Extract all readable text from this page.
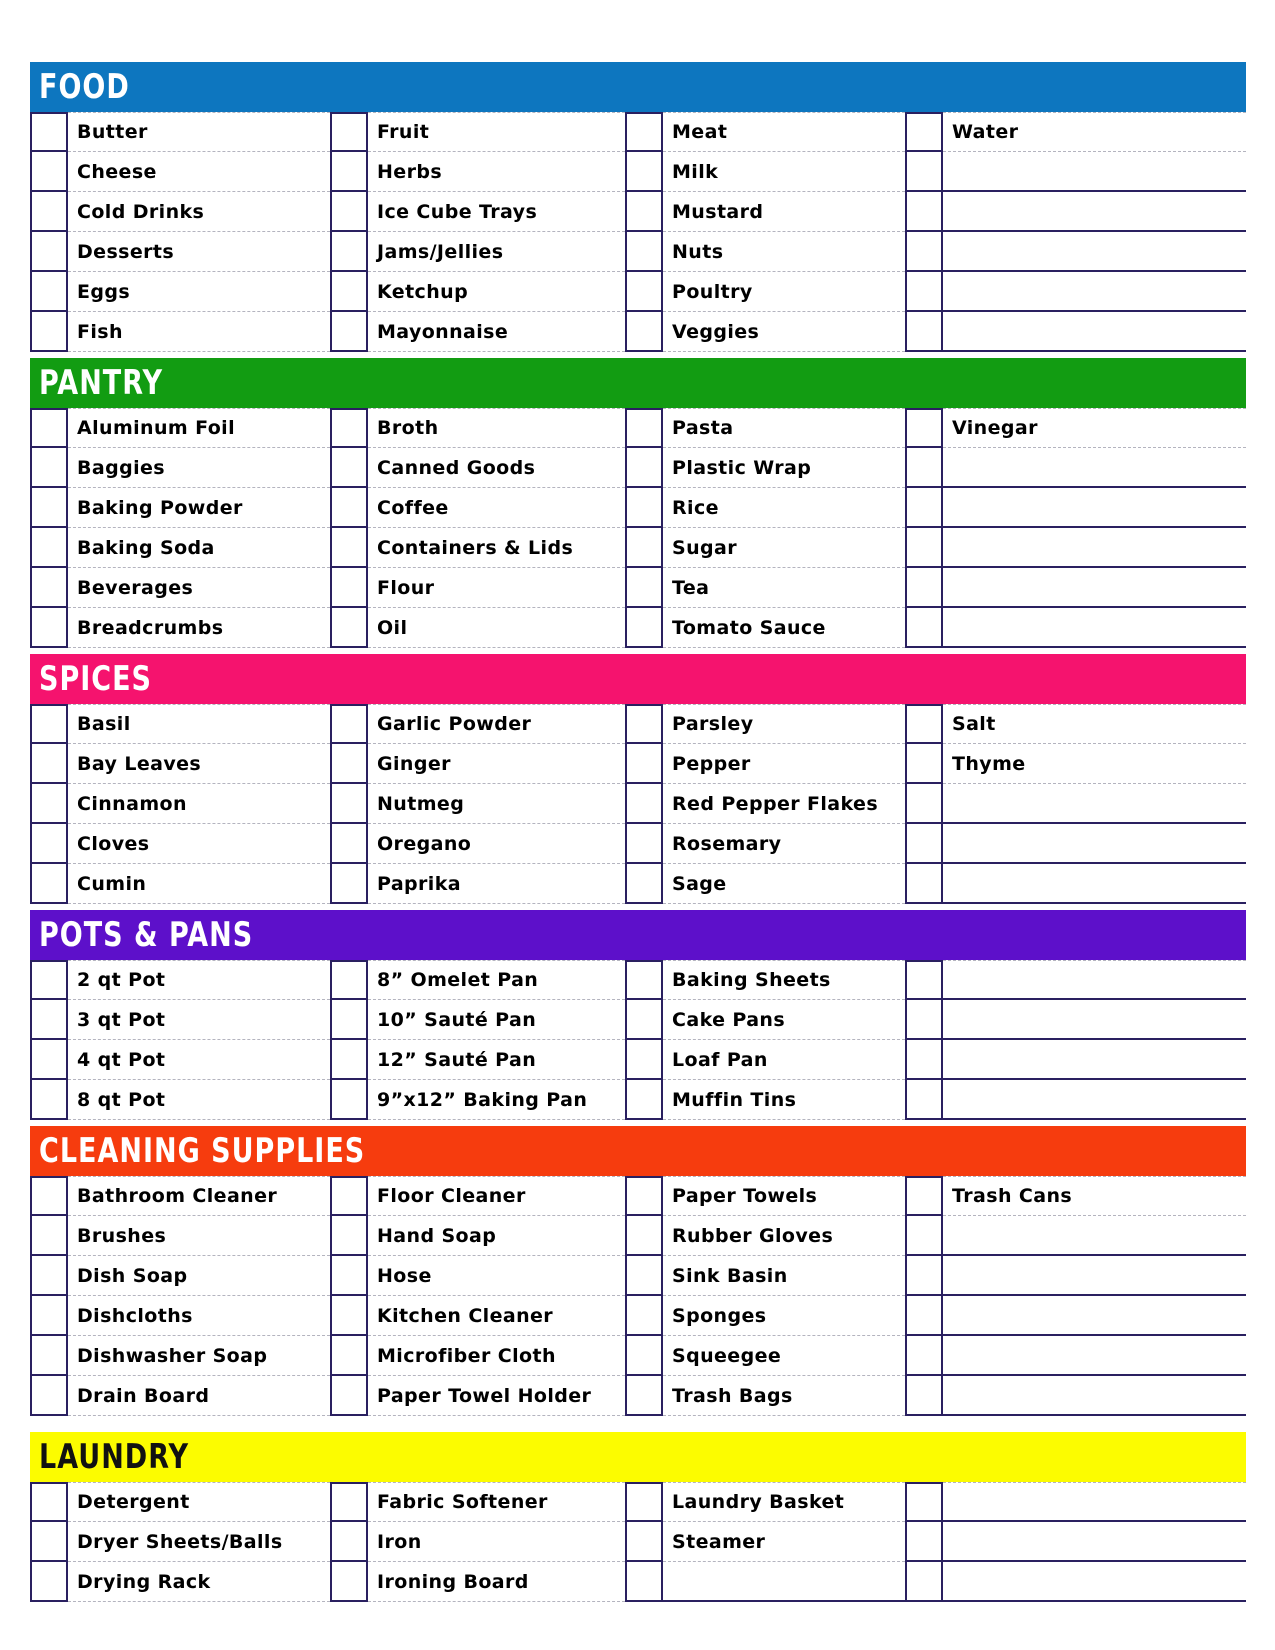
FOOD
Butter	Fruit	Meat	Water
Cheese	Herbs	Milk
Cold Drinks	Ice Cube Trays	Mustard
Desserts	Jams/Jellies	Nuts
Eggs	Ketchup	Poultry
Fish	Mayonnaise	Veggies
PANTRY
Aluminum Foil	Broth	Pasta	Vinegar
Baggies	Canned Goods	Plastic Wrap
Baking Powder	Coffee	Rice
Baking Soda	Containers & Lids	Sugar
Beverages	Flour	Tea
Breadcrumbs	Oil	Tomato Sauce
SPICES
Basil	Garlic Powder	Parsley	Salt
Bay Leaves	Ginger	Pepper	Thyme
Cinnamon	Nutmeg	Red Pepper Flakes
Cloves	Oregano	Rosemary
Cumin	Paprika	Sage
POTS & PANS
2 qt Pot	8” Omelet Pan	Baking Sheets
3 qt Pot	10” Sauté Pan	Cake Pans
4 qt Pot	12” Sauté Pan	Loaf Pan
8 qt Pot	9”x12” Baking Pan	Muffin Tins
CLEANING SUPPLIES
Bathroom Cleaner	Floor Cleaner	Paper Towels	Trash Cans
Brushes	Hand Soap	Rubber Gloves
Dish Soap	Hose	Sink Basin
Dishcloths	Kitchen Cleaner	Sponges
Dishwasher Soap	Microfiber Cloth	Squeegee
Drain Board	Paper Towel Holder	Trash Bags
LAUNDRY
Detergent	Fabric Softener	Laundry Basket
Dryer Sheets/Balls	Iron	Steamer
Drying Rack	Ironing Board
